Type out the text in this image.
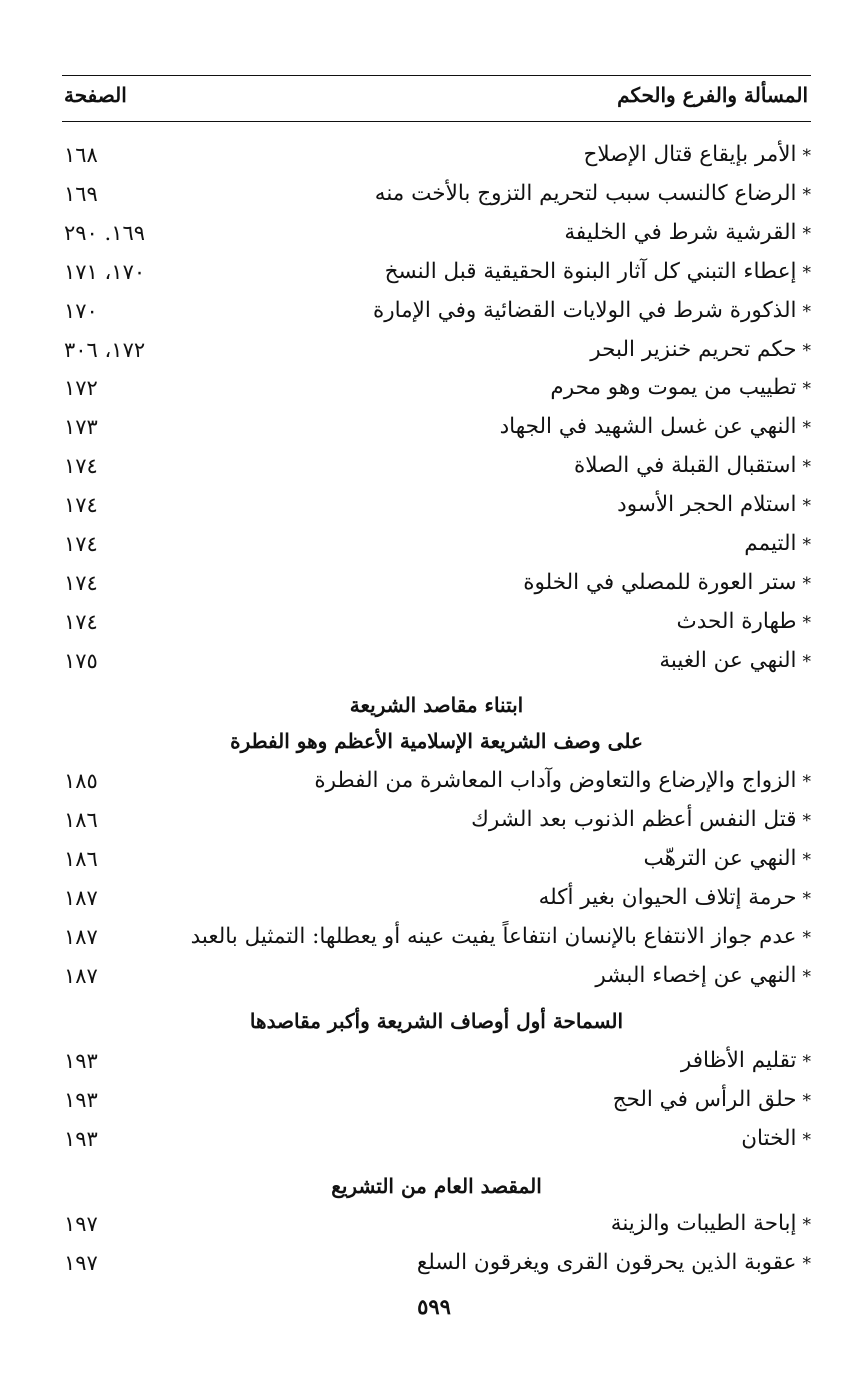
المسألة والفرع والحكم
الصفحة
*الأمر بإيقاع قتال الإصلاح
١٦٨
*الرضاع كالنسب سبب لتحريم التزوج بالأخت منه
١٦٩
*القرشية شرط في الخليفة
١٦٩. ٢٩٠
*إعطاء التبني كل آثار البنوة الحقيقية قبل النسخ
١٧٠، ١٧١
*الذكورة شرط في الولايات القضائية وفي الإمارة
١٧٠
*حكم تحريم خنزير البحر
١٧٢، ٣٠٦
*تطييب من يموت وهو محرم
١٧٢
*النهي عن غسل الشهيد في الجهاد
١٧٣
*استقبال القبلة في الصلاة
١٧٤
*استلام الحجر الأسود
١٧٤
*التيمم
١٧٤
*ستر العورة للمصلي في الخلوة
١٧٤
*طهارة الحدث
١٧٤
*النهي عن الغيبة
١٧٥
ابتناء مقاصد الشريعة
على وصف الشريعة الإسلامية الأعظم وهو الفطرة
*الزواج والإرضاع والتعاوض وآداب المعاشرة من الفطرة
١٨٥
*قتل النفس أعظم الذنوب بعد الشرك
١٨٦
*النهي عن الترهّب
١٨٦
*حرمة إتلاف الحيوان بغير أكله
١٨٧
*عدم جواز الانتفاع بالإنسان انتفاعاً يفيت عينه أو يعطلها: التمثيل بالعبد
١٨٧
*النهي عن إخصاء البشر
١٨٧
السماحة أول أوصاف الشريعة وأكبر مقاصدها
*تقليم الأظافر
١٩٣
*حلق الرأس في الحج
١٩٣
*الختان
١٩٣
المقصد العام من التشريع
*إباحة الطيبات والزينة
١٩٧
*عقوبة الذين يحرقون القرى ويغرقون السلع
١٩٧
٥٩٩
